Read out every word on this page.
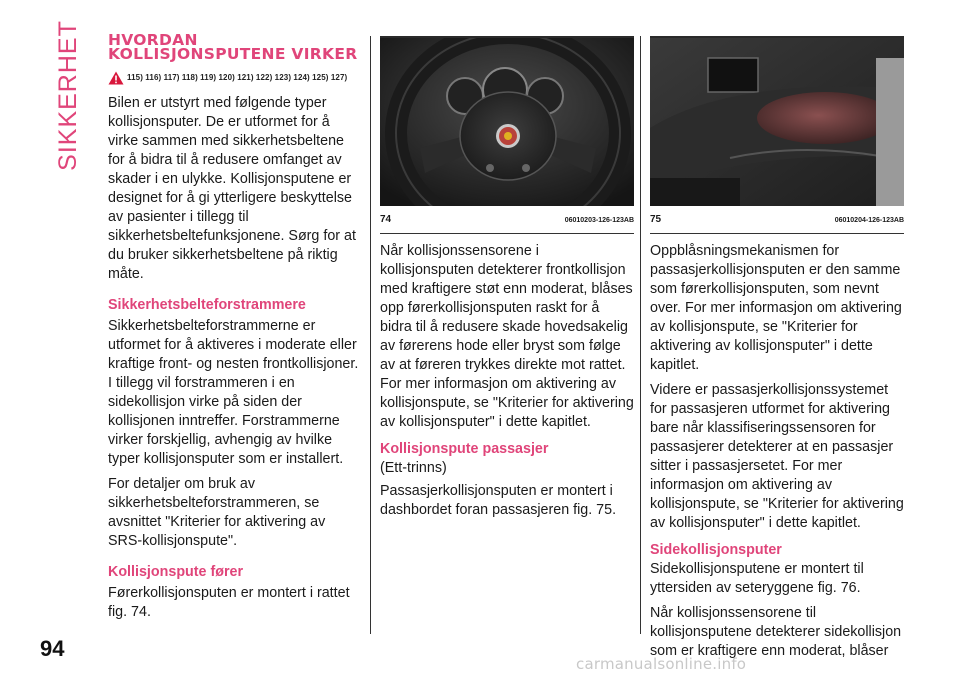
SIKKERHET HVORDAN KOLLISJONSPUTENE VIRKER
115) 116) 117) 118) 119) 120) 121) 122) 123) 124) 125) 127)

Bilen er utstyrt med følgende typer kollisjonsputer. De er utformet for å virke sammen med sikkerhetsbeltene for å bidra til å redusere omfanget av skader i en ulykke. Kollisjonsputene er designet for å gi ytterligere beskyttelse av pasienter i tillegg til sikkerhetsbeltefunksjonene. Sørg for at du bruker sikkerhetsbeltene på riktig måte.

Sikkerhetsbelteforstrammere

Sikkerhetsbelteforstrammerne er utformet for å aktiveres i moderate eller kraftige front- og nesten frontkollisjoner. I tillegg vil forstrammeren i en sidekollisjon virke på siden der kollisjonen inntreffer. Forstrammerne virker forskjellig, avhengig av hvilke typer kollisjonsputer som er installert.

For detaljer om bruk av sikkerhetsbelteforstrammeren, se avsnittet "Kriterier for aktivering av SRS-kollisjonspute".

Kollisjonspute fører

Førerkollisjonsputen er montert i rattet fig. 74.

74	06010203-126-123AB

Når kollisjonssensorene i kollisjonsputen detekterer frontkollisjon med kraftigere støt enn moderat, blåses opp førerkollisjonsputen raskt for å bidra til å redusere skade hovedsakelig av førerens hode eller bryst som følge av at føreren trykkes direkte mot rattet. For mer informasjon om aktivering av kollisjonspute, se "Kriterier for aktivering av kollisjonsputer" i dette kapitlet.

Kollisjonspute passasjer

(Ett-trinns)

Passasjerkollisjonsputen er montert i dashbordet foran passasjeren fig. 75.

75	06010204-126-123AB

Oppblåsningsmekanismen for passasjerkollisjonsputen er den samme som førerkollisjonsputen, som nevnt over. For mer informasjon om aktivering av kollisjonspute, se "Kriterier for aktivering av kollisjonsputer" i dette kapitlet.

Videre er passasjerkollisjonssystemet for passasjeren utformet for aktivering bare når klassifiseringssensoren for passasjerer detekterer at en passasjer sitter i passasjersetet. For mer informasjon om aktivering av kollisjonspute, se "Kriterier for aktivering av kollisjonsputer" i dette kapitlet.

Sidekollisjonsputer

Sidekollisjonsputene er montert til yttersiden av seteryggene fig. 76.

Når kollisjonssensorene til kollisjonsputene detekterer sidekollisjon som er kraftigere enn moderat, blåser

94
carmanualsonline.info
